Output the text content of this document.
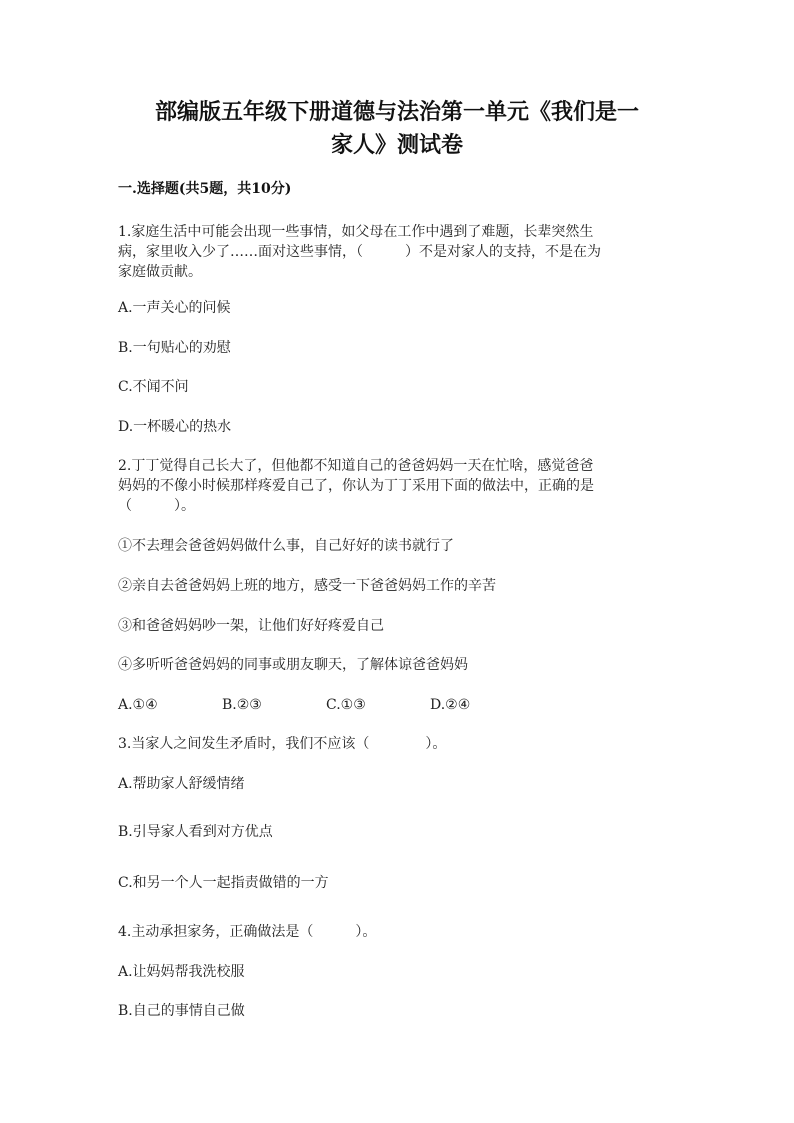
部编版五年级下册道德与法治第一单元《我们是一
家人》测试卷
一.选择题(共5题，共10分)
1.家庭生活中可能会出现一些事情，如父母在工作中遇到了难题，长辈突然生
病，家里收入少了……面对这些事情，（　　　）不是对家人的支持，不是在为
家庭做贡献。
A.一声关心的问候
B.一句贴心的劝慰
C.不闻不问
D.一杯暖心的热水
2.丁丁觉得自己长大了，但他都不知道自己的爸爸妈妈一天在忙啥，感觉爸爸
妈妈的不像小时候那样疼爱自己了，你认为丁丁采用下面的做法中，正确的是
（　　　）。
①不去理会爸爸妈妈做什么事，自己好好的读书就行了
②亲自去爸爸妈妈上班的地方，感受一下爸爸妈妈工作的辛苦
③和爸爸妈妈吵一架，让他们好好疼爱自己
④多听听爸爸妈妈的同事或朋友聊天，了解体谅爸爸妈妈
A.①④	B.②③	C.①③	D.②④
3.当家人之间发生矛盾时，我们不应该（　　　　）。
A.帮助家人舒缓情绪
B.引导家人看到对方优点
C.和另一个人一起指责做错的一方
4.主动承担家务，正确做法是（　　　）。
A.让妈妈帮我洗校服
B.自己的事情自己做
